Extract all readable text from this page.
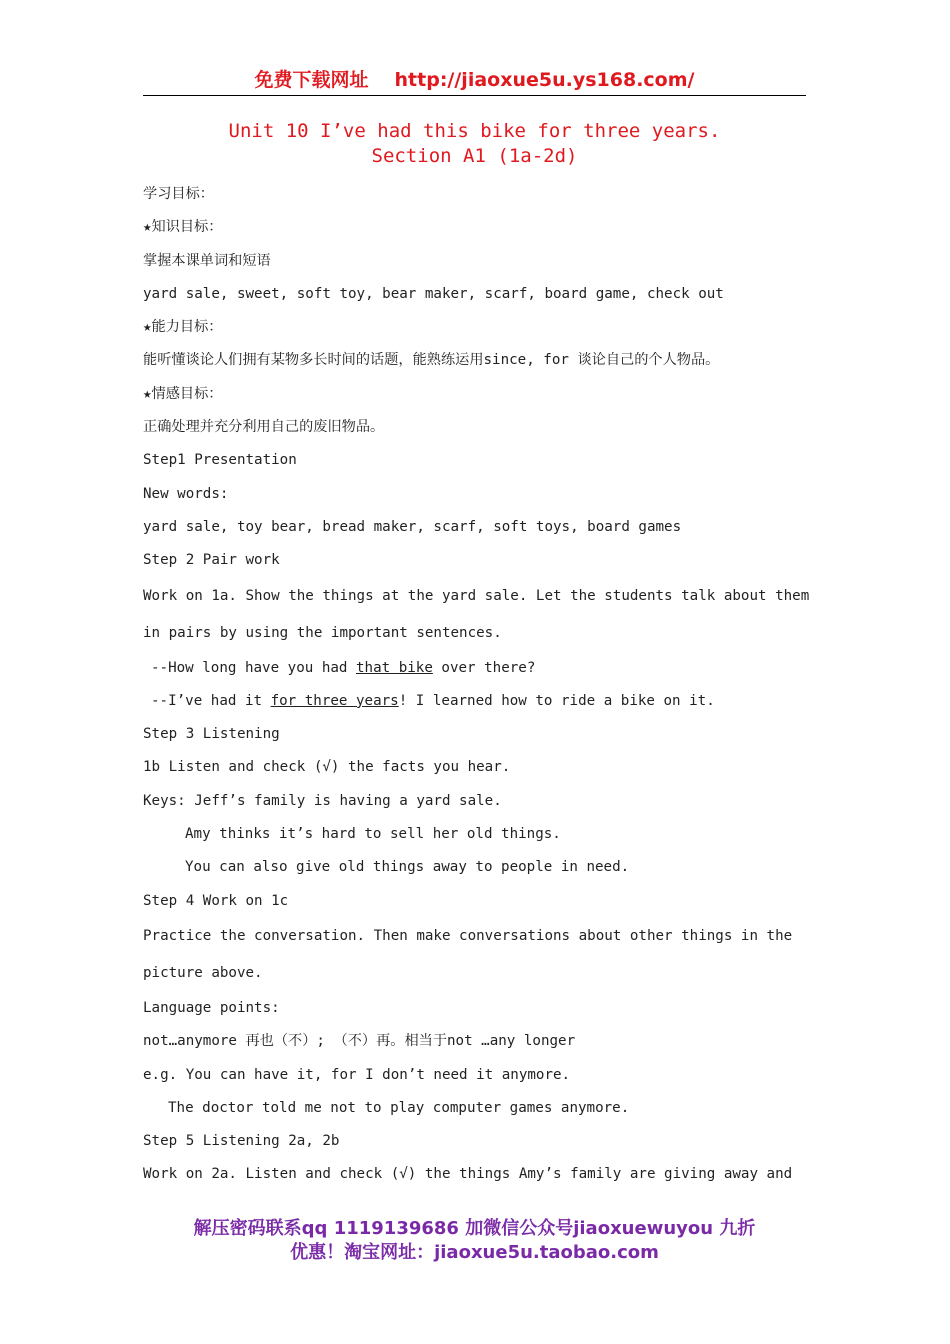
免费下载网址 http://jiaoxue5u.ys168.com/
Unit 10 I’ve had this bike for three years.
Section A1 (1a-2d)

学习目标：

★知识目标：

掌握本课单词和短语

yard sale, sweet, soft toy, bear maker, scarf, board game, check out

★能力目标：

能听懂谈论人们拥有某物多长时间的话题，能熟练运用since, for 谈论自己的个人物品。

★情感目标：

正确处理并充分利用自己的废旧物品。

Step1 Presentation

New words:

yard sale, toy bear, bread maker, scarf, soft toys, board games

Step 2 Pair work

Work on 1a. Show the things at the yard sale. Let the students talk about them

in pairs by using the important sentences.

--How long have you had that bike over there?

--I’ve had it for three years! I learned how to ride a bike on it.

Step 3 Listening

1b Listen and check (√) the facts you hear.

Keys: Jeff’s family is having a yard sale.

Amy thinks it’s hard to sell her old things.

You can also give old things away to people in need.

Step 4 Work on 1c

Practice the conversation. Then make conversations about other things in the

picture above.

Language points:

not…anymore 再也（不）; （不）再。相当于not …any longer

e.g. You can have it, for I don’t need it anymore.

The doctor told me not to play computer games anymore.

Step 5 Listening 2a, 2b

Work on 2a. Listen and check (√) the things Amy’s family are giving away and

解压密码联系qq 1119139686 加微信公众号jiaoxuewuyou 九折
优惠！淘宝网址：jiaoxue5u.taobao.com
